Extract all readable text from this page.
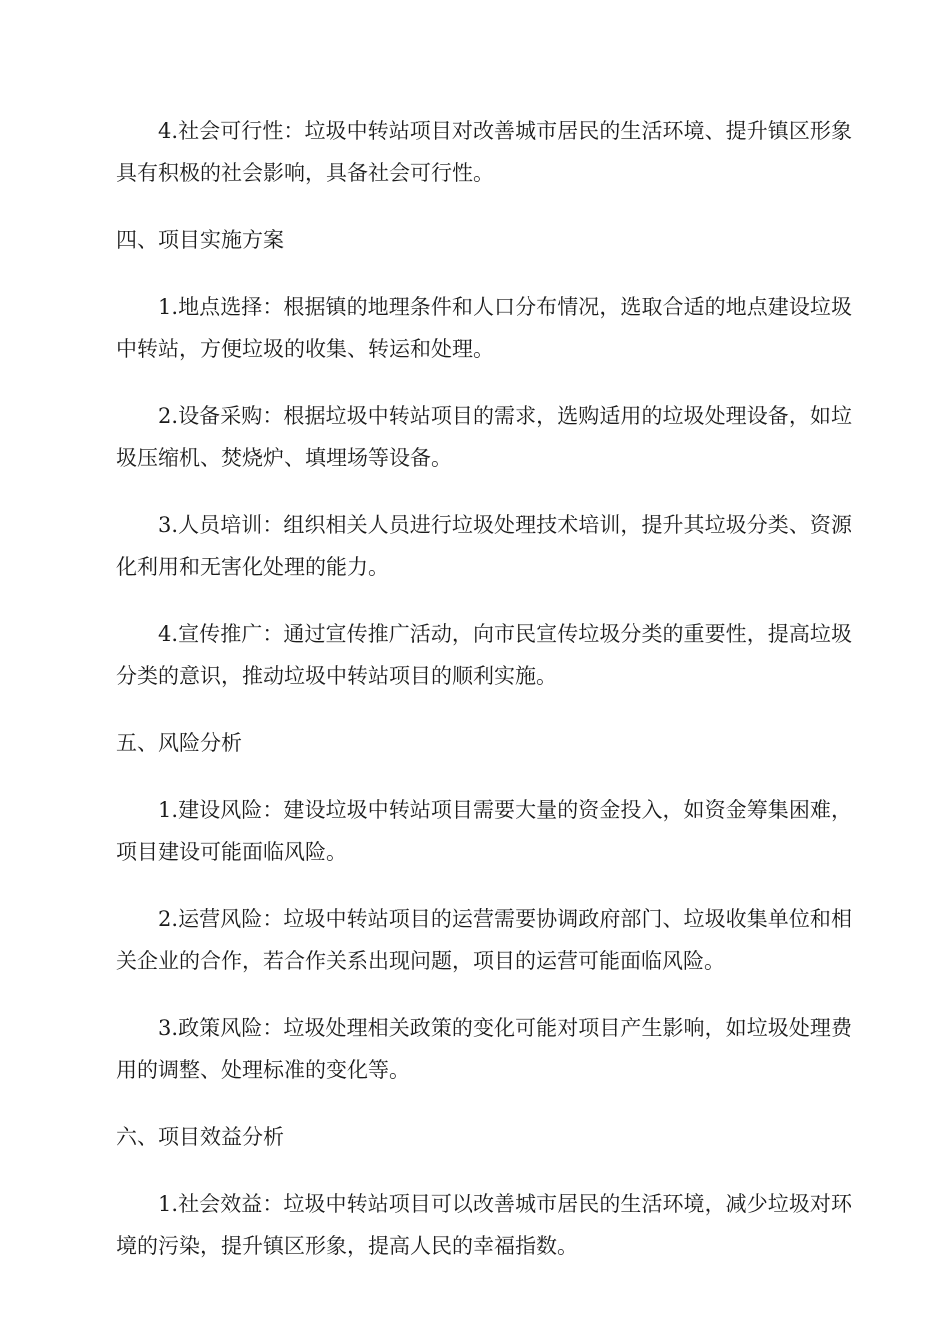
4.社会可行性：垃圾中转站项目对改善城市居民的生活环境、提升镇区形象具有积极的社会影响，具备社会可行性。

四、项目实施方案

1.地点选择：根据镇的地理条件和人口分布情况，选取合适的地点建设垃圾中转站，方便垃圾的收集、转运和处理。

2.设备采购：根据垃圾中转站项目的需求，选购适用的垃圾处理设备，如垃圾压缩机、焚烧炉、填埋场等设备。

3.人员培训：组织相关人员进行垃圾处理技术培训，提升其垃圾分类、资源化利用和无害化处理的能力。

4.宣传推广：通过宣传推广活动，向市民宣传垃圾分类的重要性，提高垃圾分类的意识，推动垃圾中转站项目的顺利实施。

五、风险分析

1.建设风险：建设垃圾中转站项目需要大量的资金投入，如资金筹集困难，项目建设可能面临风险。

2.运营风险：垃圾中转站项目的运营需要协调政府部门、垃圾收集单位和相关企业的合作，若合作关系出现问题，项目的运营可能面临风险。

3.政策风险：垃圾处理相关政策的变化可能对项目产生影响，如垃圾处理费用的调整、处理标准的变化等。

六、项目效益分析

1.社会效益：垃圾中转站项目可以改善城市居民的生活环境，减少垃圾对环境的污染，提升镇区形象，提高人民的幸福指数。
